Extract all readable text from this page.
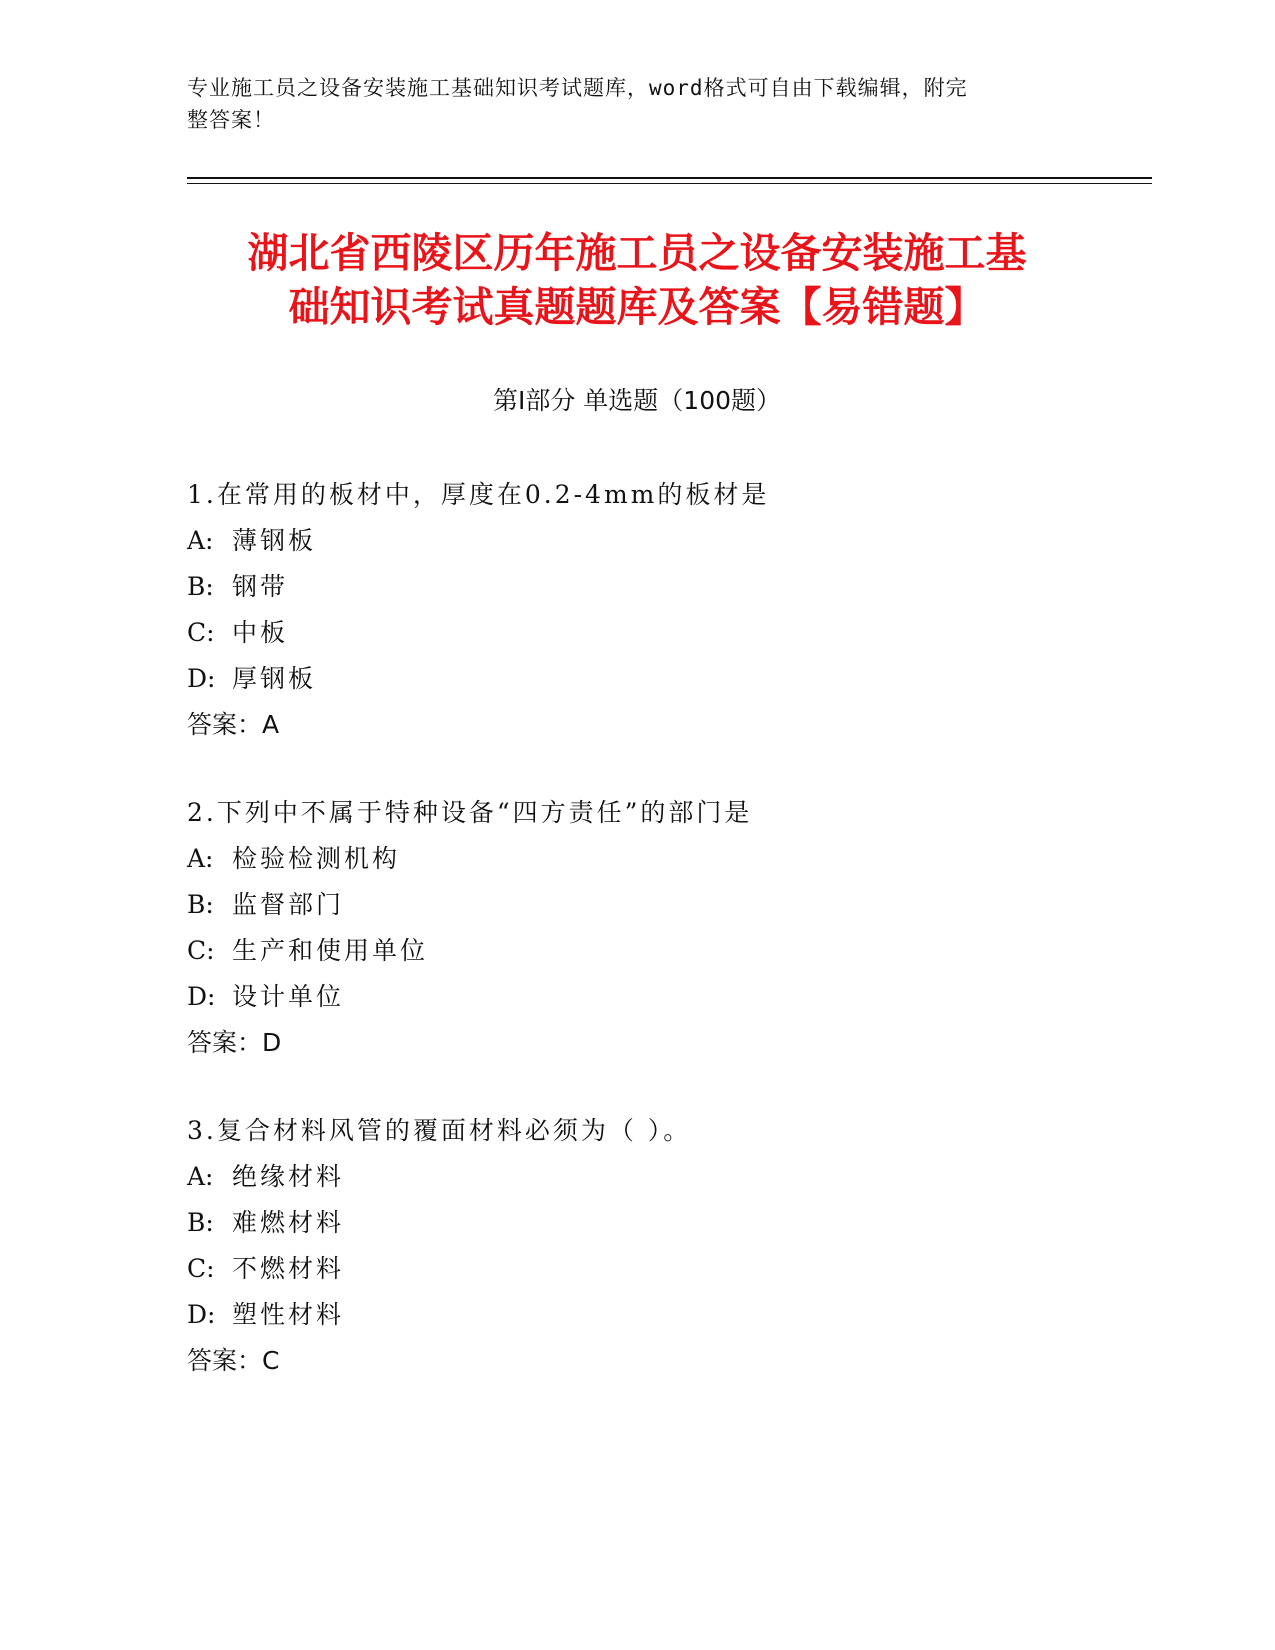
专业施工员之设备安装施工基础知识考试题库，word格式可自由下载编辑，附完
整答案！
湖北省西陵区历年施工员之设备安装施工基
础知识考试真题题库及答案【易错题】
第Ⅰ部分 单选题（100题）
1.在常用的板材中，厚度在0.2-4mm的板材是
A: 薄钢板
B: 钢带
C: 中板
D: 厚钢板
答案：A
2.下列中不属于特种设备“四方责任”的部门是
A: 检验检测机构
B: 监督部门
C: 生产和使用单位
D: 设计单位
答案：D
3.复合材料风管的覆面材料必须为（ ）。
A: 绝缘材料
B: 难燃材料
C: 不燃材料
D: 塑性材料
答案：C
